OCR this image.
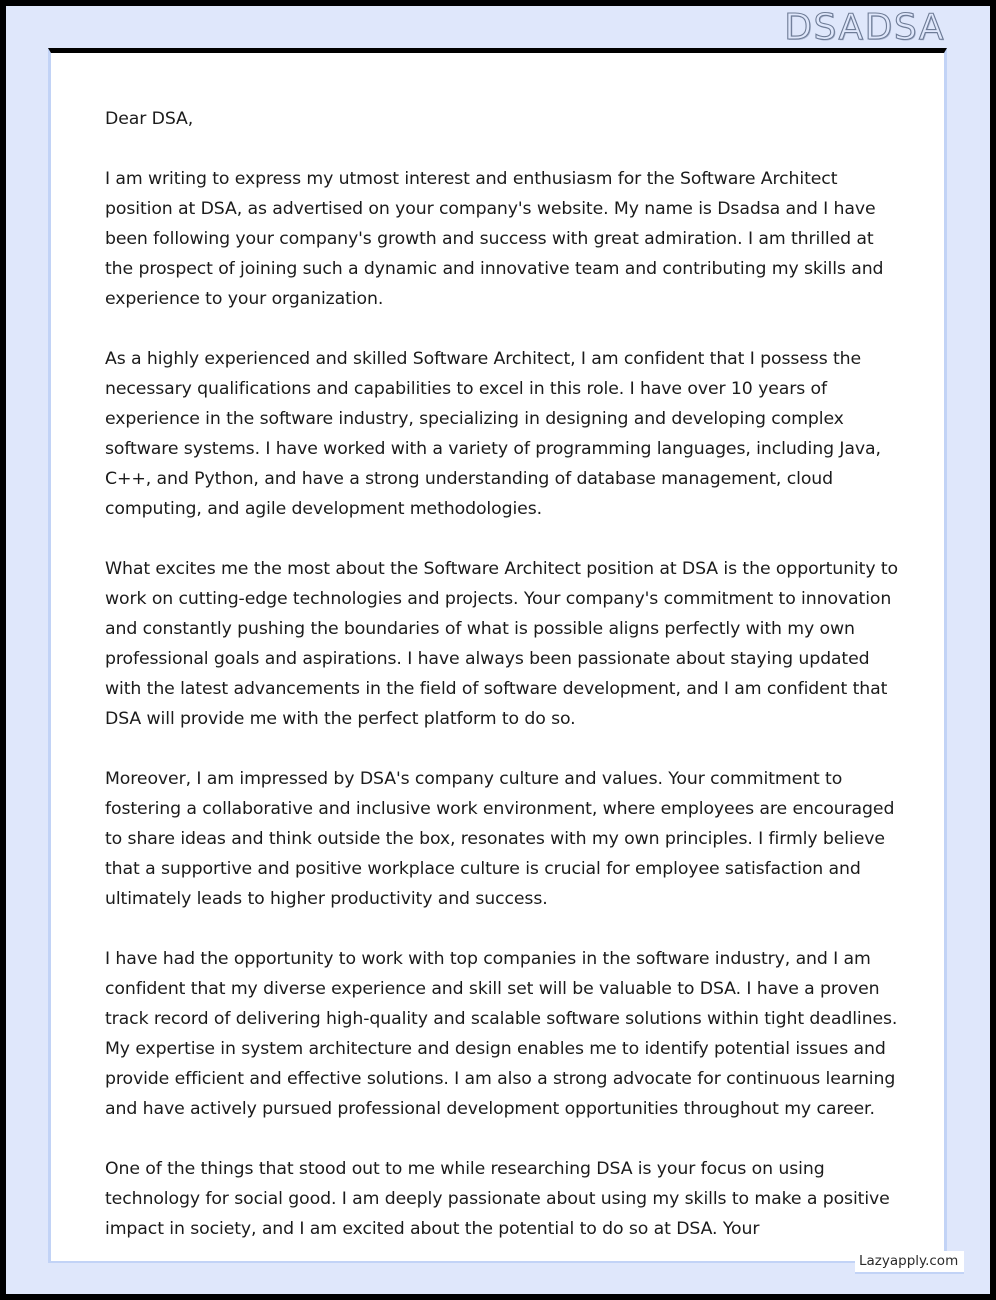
DSADSA

Dear DSA,

I am writing to express my utmost interest and enthusiasm for the Software Architect position at DSA, as advertised on your company's website. My name is Dsadsa and I have been following your company's growth and success with great admiration. I am thrilled at the prospect of joining such a dynamic and innovative team and contributing my skills and experience to your organization.

As a highly experienced and skilled Software Architect, I am confident that I possess the necessary qualifications and capabilities to excel in this role. I have over 10 years of experience in the software industry, specializing in designing and developing complex software systems. I have worked with a variety of programming languages, including Java, C++, and Python, and have a strong understanding of database management, cloud computing, and agile development methodologies.

What excites me the most about the Software Architect position at DSA is the opportunity to work on cutting-edge technologies and projects. Your company's commitment to innovation and constantly pushing the boundaries of what is possible aligns perfectly with my own professional goals and aspirations. I have always been passionate about staying updated with the latest advancements in the field of software development, and I am confident that DSA will provide me with the perfect platform to do so.

Moreover, I am impressed by DSA's company culture and values. Your commitment to fostering a collaborative and inclusive work environment, where employees are encouraged to share ideas and think outside the box, resonates with my own principles. I firmly believe that a supportive and positive workplace culture is crucial for employee satisfaction and ultimately leads to higher productivity and success.

I have had the opportunity to work with top companies in the software industry, and I am confident that my diverse experience and skill set will be valuable to DSA. I have a proven track record of delivering high-quality and scalable software solutions within tight deadlines. My expertise in system architecture and design enables me to identify potential issues and provide efficient and effective solutions. I am also a strong advocate for continuous learning and have actively pursued professional development opportunities throughout my career.

One of the things that stood out to me while researching DSA is your focus on using technology for social good. I am deeply passionate about using my skills to make a positive impact in society, and I am excited about the potential to do so at DSA. Your

Lazyapply.com
